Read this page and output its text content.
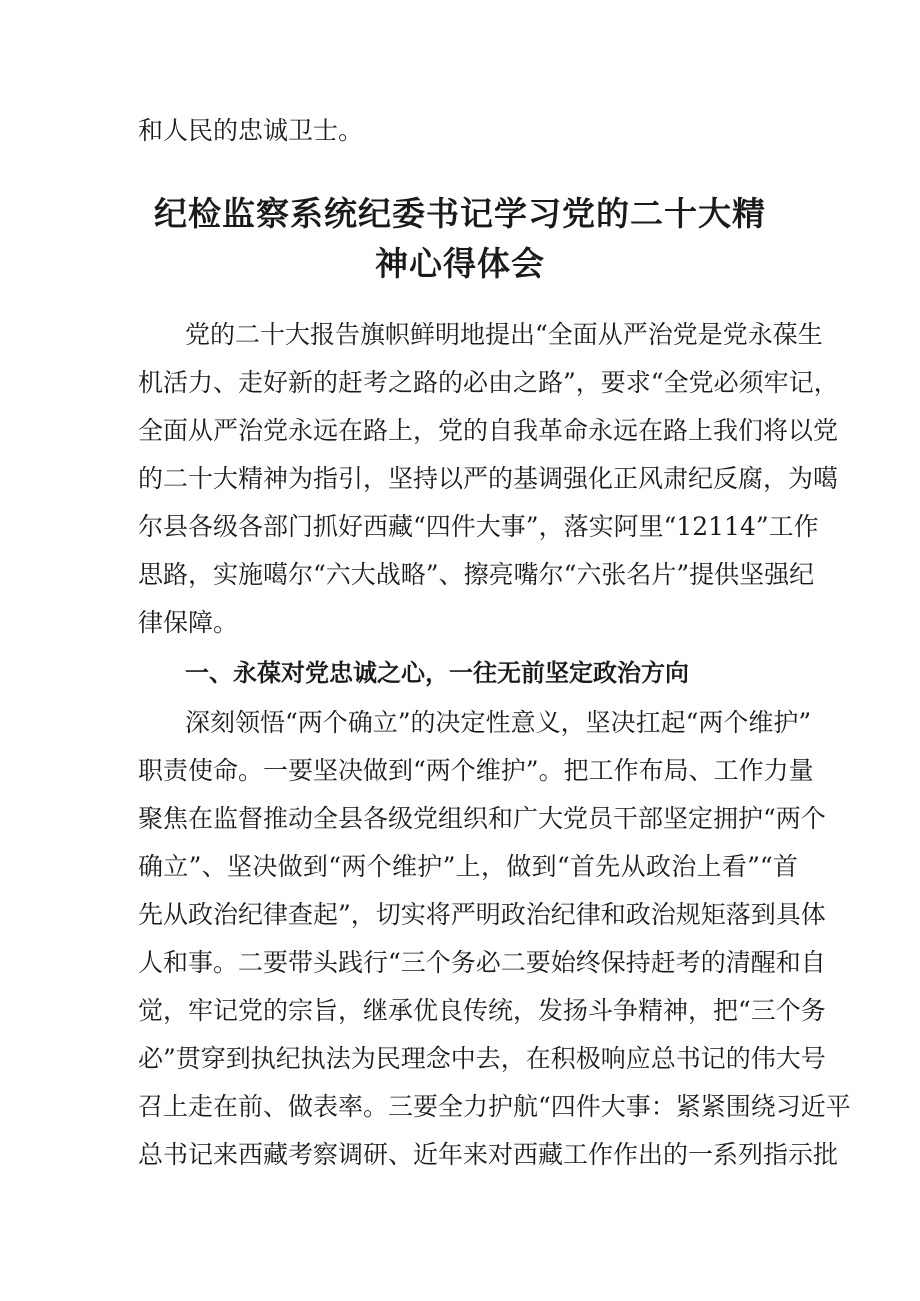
和人民的忠诚卫士。

纪检监察系统纪委书记学习党的二十大精
神心得体会

党的二十大报告旗帜鲜明地提出“全面从严治党是党永葆生

机活力、走好新的赶考之路的必由之路”，要求“全党必须牢记，

全面从严治党永远在路上，党的自我革命永远在路上我们将以党

的二十大精神为指引，坚持以严的基调强化正风肃纪反腐，为噶

尔县各级各部门抓好西藏“四件大事”，落实阿里“12114”工作

思路，实施噶尔“六大战略”、擦亮嘴尔“六张名片”提供坚强纪

律保障。

一、永葆对党忠诚之心，一往无前坚定政治方向

深刻领悟“两个确立”的决定性意义，坚决扛起“两个维护”

职责使命。一要坚决做到“两个维护”。把工作布局、工作力量

聚焦在监督推动全县各级党组织和广大党员干部坚定拥护“两个

确立”、坚决做到“两个维护”上，做到“首先从政治上看”“首

先从政治纪律查起”，切实将严明政治纪律和政治规矩落到具体

人和事。二要带头践行“三个务必二要始终保持赶考的清醒和自

觉，牢记党的宗旨，继承优良传统，发扬斗争精神，把“三个务

必”贯穿到执纪执法为民理念中去，在积极响应总书记的伟大号

召上走在前、做表率。三要全力护航“四件大事：紧紧围绕习近平

总书记来西藏考察调研、近年来对西藏工作作出的一系列指示批
